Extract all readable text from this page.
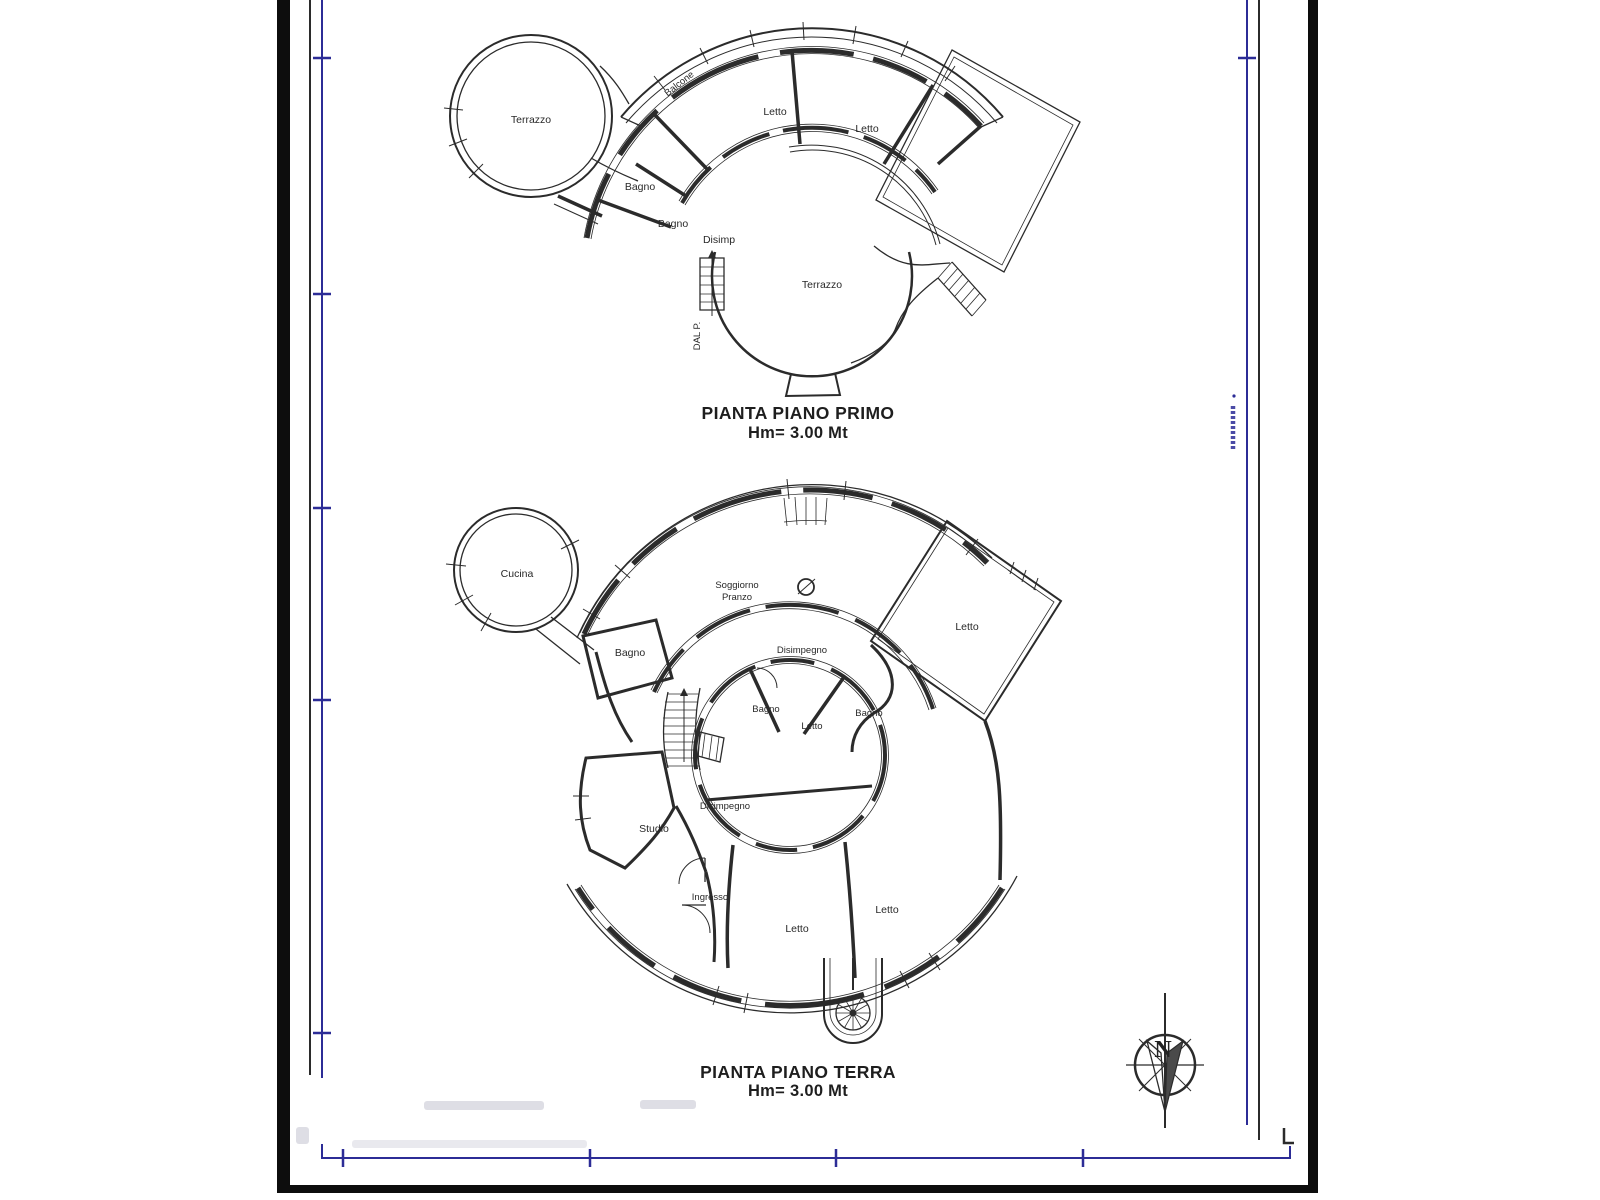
Terrazzo
Balcone
Letto
Letto
Bagno
Bagno
Disimp
Terrazzo
DAL P.
PIANTA PIANO PRIMO
Hm= 3.00 Mt
Cucina
Soggiorno
Pranzo
Disimpegno
Letto
Bagno
Bagno
Letto
Bagno
Studio
Disimpegno
Ingresso
Letto
Letto
PIANTA PIANO TERRA
Hm= 3.00 Mt
N
